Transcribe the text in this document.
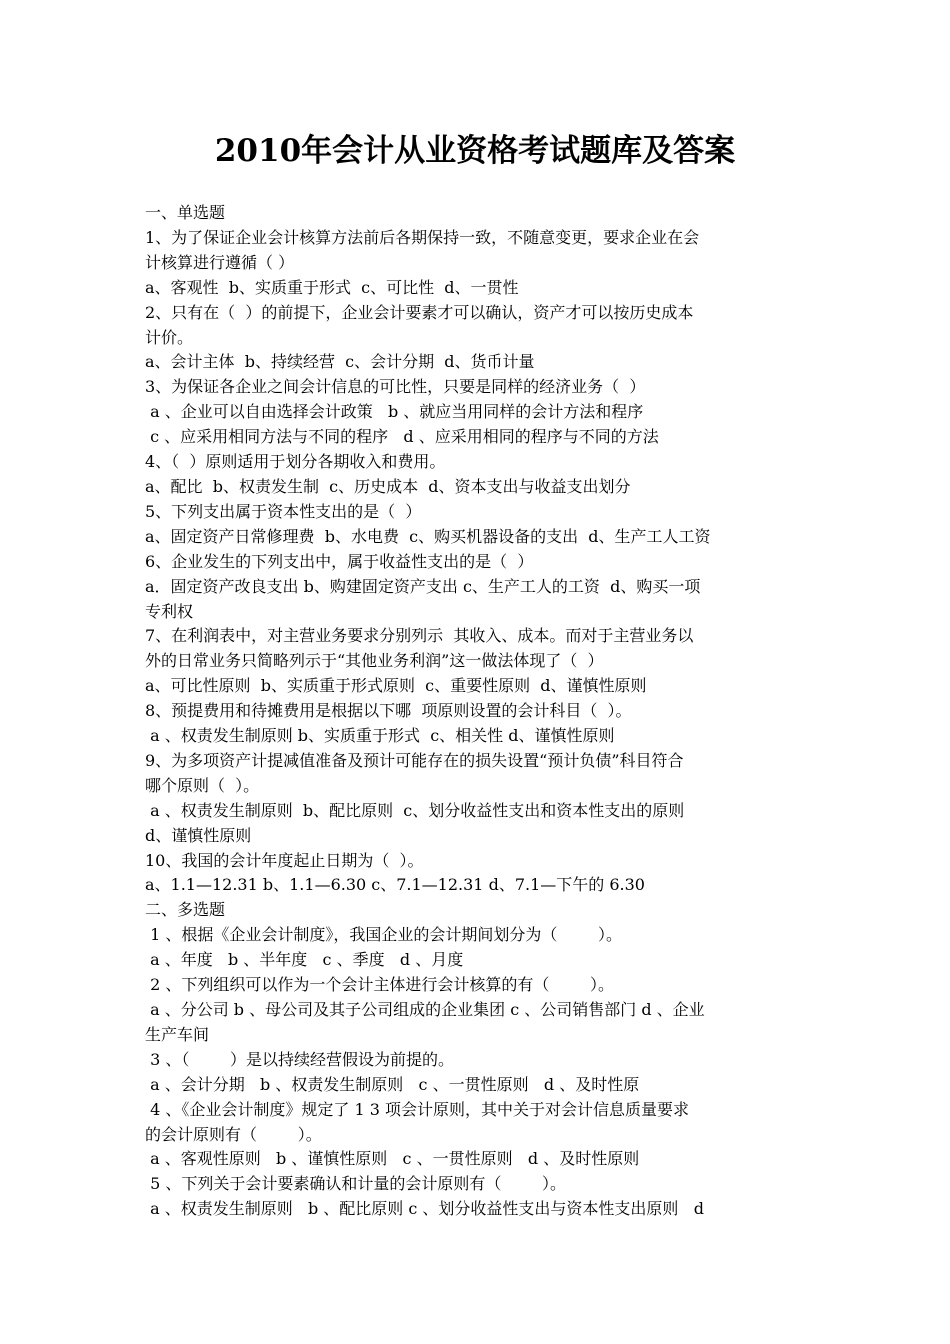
2010年会计从业资格考试题库及答案
一、单选题
1、为了保证企业会计核算方法前后各期保持一致，不随意变更，要求企业在会
计核算进行遵循（ ）
a、客观性  b、实质重于形式  c、可比性  d、一贯性
2、只有在（  ）的前提下，企业会计要素才可以确认，资产才可以按历史成本
计价。
a、会计主体  b、持续经营  c、会计分期  d、货币计量
3、为保证各企业之间会计信息的可比性，只要是同样的经济业务（  ）
a 、企业可以自由选择会计政策   b 、就应当用同样的会计方法和程序
c 、应采用相同方法与不同的程序   d 、应采用相同的程序与不同的方法
4、（  ）原则适用于划分各期收入和费用。
a、配比  b、权责发生制  c、历史成本  d、资本支出与收益支出划分
5、下列支出属于资本性支出的是（  ）
a、固定资产日常修理费  b、水电费  c、购买机器设备的支出  d、生产工人工资
6、企业发生的下列支出中，属于收益性支出的是（  ）
a．固定资产改良支出 b、购建固定资产支出 c、生产工人的工资  d、购买一项
专利权
7、在利润表中，对主营业务要求分别列示  其收入、成本。而对于主营业务以
外的日常业务只简略列示于“其他业务利润”这一做法体现了（  ）
a、可比性原则  b、实质重于形式原则  c、重要性原则  d、谨慎性原则
8、预提费用和待摊费用是根据以下哪  项原则设置的会计科目（  ）。
a 、权责发生制原则 b、实质重于形式  c、相关性 d、谨慎性原则
9、为多项资产计提减值准备及预计可能存在的损失设置“预计负债”科目符合
哪个原则（  ）。
a 、权责发生制原则  b、配比原则  c、划分收益性支出和资本性支出的原则
d、谨慎性原则
10、我国的会计年度起止日期为（  ）。
a、1.1—12.31 b、1.1—6.30 c、7.1—12.31 d、7.1—下午的 6.30
二、多选题
1 、根据《企业会计制度》，我国企业的会计期间划分为（        ）。
a 、年度   b 、半年度   c 、季度   d 、月度
2 、下列组织可以作为一个会计主体进行会计核算的有（        ）。
a 、分公司 b 、母公司及其子公司组成的企业集团 c 、公司销售部门 d 、企业
生产车间
3 、（        ）是以持续经营假设为前提的。
a 、会计分期   b 、权责发生制原则   c 、一贯性原则   d 、及时性原
4 、《企业会计制度》规定了 1 3 项会计原则，其中关于对会计信息质量要求
的会计原则有（        ）。
a 、客观性原则   b 、谨慎性原则   c 、一贯性原则   d 、及时性原则
5 、下列关于会计要素确认和计量的会计原则有（        ）。
a 、权责发生制原则   b 、配比原则 c 、划分收益性支出与资本性支出原则   d
